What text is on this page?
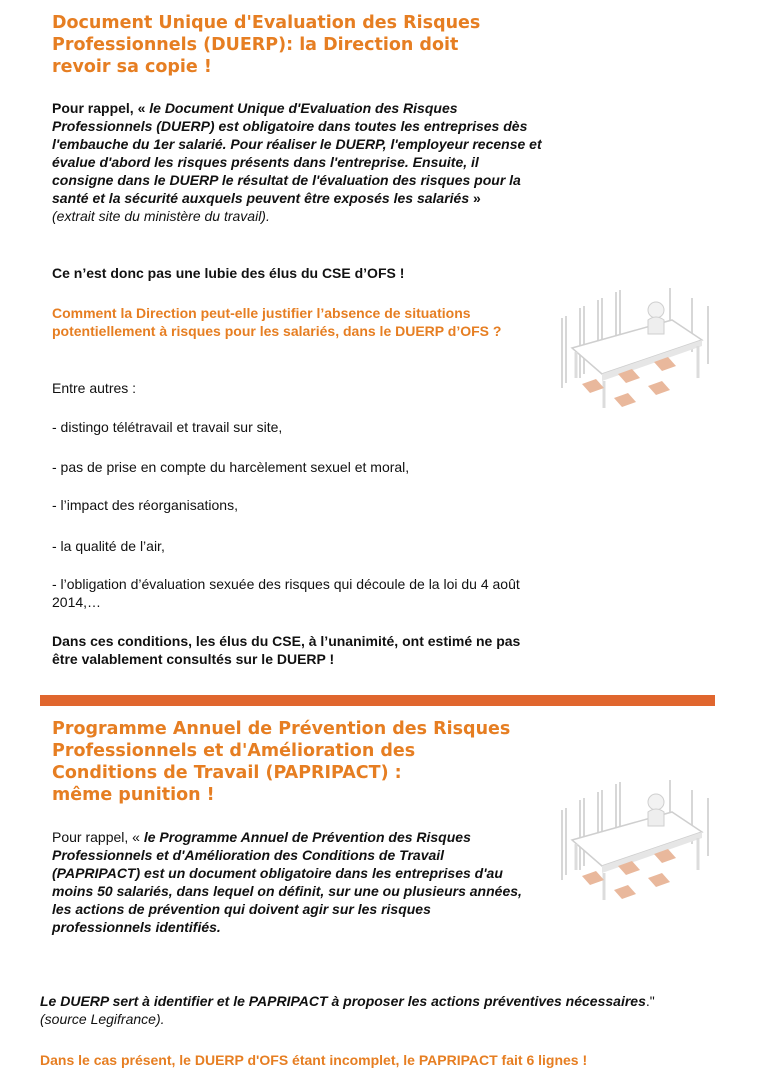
Document Unique d'Evaluation des Risques Professionnels (DUERP): la Direction doit revoir sa copie !
Pour rappel, « le Document Unique d'Evaluation des Risques Professionnels (DUERP) est obligatoire dans toutes les entreprises dès l'embauche du 1er salarié. Pour réaliser le DUERP, l'employeur recense et évalue d'abord les risques présents dans l'entreprise. Ensuite, il consigne dans le DUERP le résultat de l'évaluation des risques pour la santé et la sécurité auxquels peuvent être exposés les salariés »
(extrait site du ministère du travail).
Ce n’est donc pas une lubie des élus du CSE d’OFS !
Comment la Direction peut-elle justifier l’absence de situations potentiellement à risques pour les salariés, dans le DUERP d’OFS ?
Entre autres :
- distingo télétravail et travail sur site,
- pas de prise en compte du harcèlement sexuel et moral,
- l’impact des réorganisations,
- la qualité de l’air,
- l’obligation d’évaluation sexuée des risques qui découle de la loi du 4 août 2014,…
Dans ces conditions, les élus du CSE, à l’unanimité, ont estimé ne pas être valablement consultés sur le DUERP !
Programme Annuel de Prévention des Risques
Professionnels et d'Amélioration des
Conditions de Travail (PAPRIPACT) :
même punition !
Pour rappel, « le Programme Annuel de Prévention des Risques Professionnels et d'Amélioration des Conditions de Travail (PAPRIPACT) est un document obligatoire dans les entreprises d'au moins 50 salariés, dans lequel on définit, sur une ou plusieurs années, les actions de prévention qui doivent agir sur les risques professionnels identifiés.
Le DUERP sert à identifier et le PAPRIPACT à proposer les actions préventives nécessaires." (source Legifrance).
Dans le cas présent, le DUERP d'OFS étant incomplet, le PAPRIPACT fait 6 lignes !
